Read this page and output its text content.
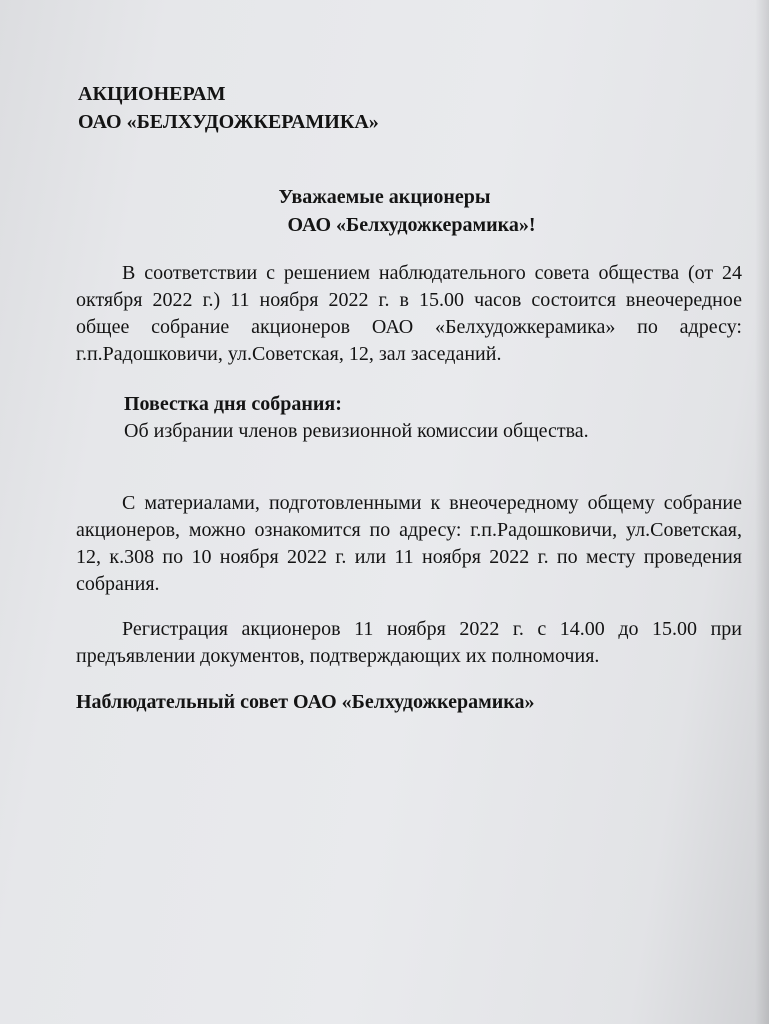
АКЦИОНЕРАМ
ОАО «БЕЛХУДОЖКЕРАМИКА»
Уважаемые акционеры
ОАО «Белхудожкерамика»!
В соответствии с решением наблюдательного совета общества (от 24 октября 2022 г.) 11 ноября 2022 г. в 15.00 часов состоится внеочередное общее собрание акционеров ОАО «Белхудожкерамика» по адресу: г.п.Радошковичи, ул.Советская, 12, зал заседаний.
Повестка дня собрания:
Об избрании членов ревизионной комиссии общества.
С материалами, подготовленными к внеочередному общему собрание акционеров, можно ознакомится по адресу: г.п.Радошковичи, ул.Советская, 12, к.308 по 10 ноября 2022 г. или 11 ноября 2022 г. по месту проведения собрания.
Регистрация акционеров 11 ноября 2022 г. с 14.00 до 15.00 при предъявлении документов, подтверждающих их полномочия.
Наблюдательный совет ОАО «Белхудожкерамика»
